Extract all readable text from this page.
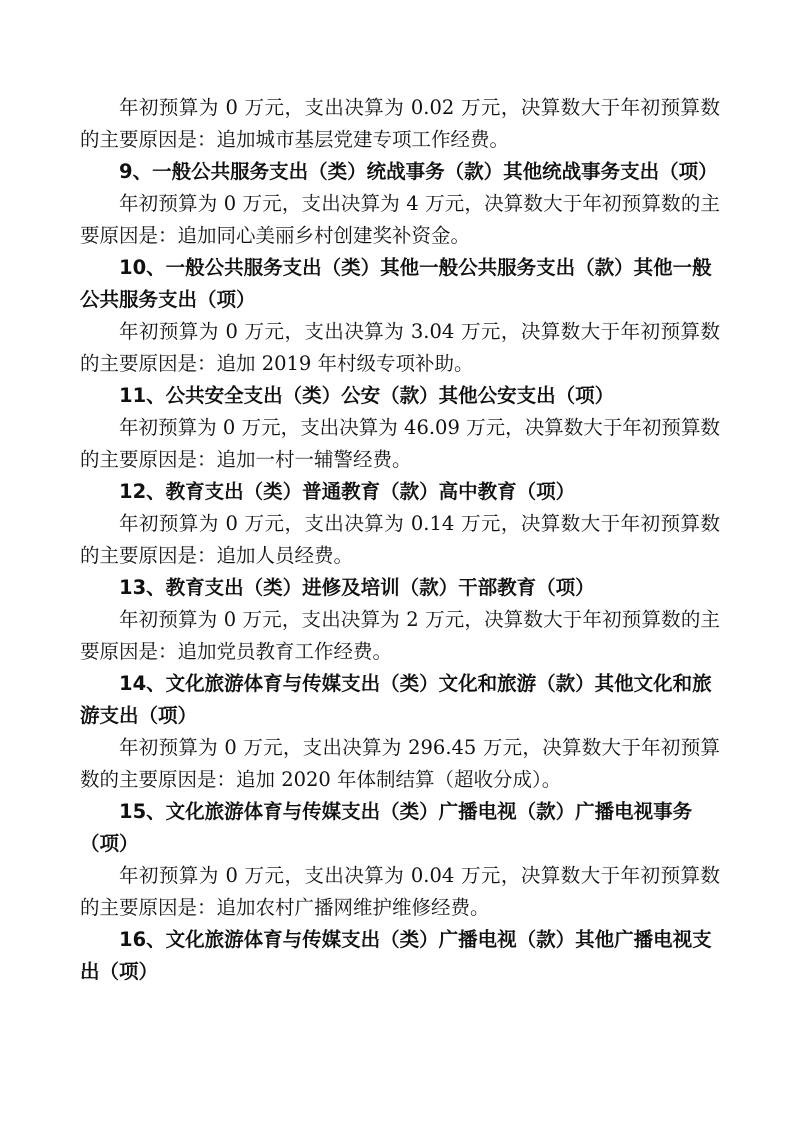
年初预算为 0 万元，支出决算为 0.02 万元，决算数大于年初预算数的主要原因是：追加城市基层党建专项工作经费。

9、一般公共服务支出（类）统战事务（款）其他统战事务支出（项）

年初预算为 0 万元，支出决算为 4 万元，决算数大于年初预算数的主要原因是：追加同心美丽乡村创建奖补资金。

10、一般公共服务支出（类）其他一般公共服务支出（款）其他一般公共服务支出（项）

年初预算为 0 万元，支出决算为 3.04 万元，决算数大于年初预算数的主要原因是：追加 2019 年村级专项补助。

11、公共安全支出（类）公安（款）其他公安支出（项）

年初预算为 0 万元，支出决算为 46.09 万元，决算数大于年初预算数的主要原因是：追加一村一辅警经费。

12、教育支出（类）普通教育（款）高中教育（项）

年初预算为 0 万元，支出决算为 0.14 万元，决算数大于年初预算数的主要原因是：追加人员经费。

13、教育支出（类）进修及培训（款）干部教育（项）

年初预算为 0 万元，支出决算为 2 万元，决算数大于年初预算数的主要原因是：追加党员教育工作经费。

14、文化旅游体育与传媒支出（类）文化和旅游（款）其他文化和旅游支出（项）

年初预算为 0 万元，支出决算为 296.45 万元，决算数大于年初预算数的主要原因是：追加 2020 年体制结算（超收分成）。

15、文化旅游体育与传媒支出（类）广播电视（款）广播电视事务（项）

年初预算为 0 万元，支出决算为 0.04 万元，决算数大于年初预算数的主要原因是：追加农村广播网维护维修经费。

16、文化旅游体育与传媒支出（类）广播电视（款）其他广播电视支出（项）
